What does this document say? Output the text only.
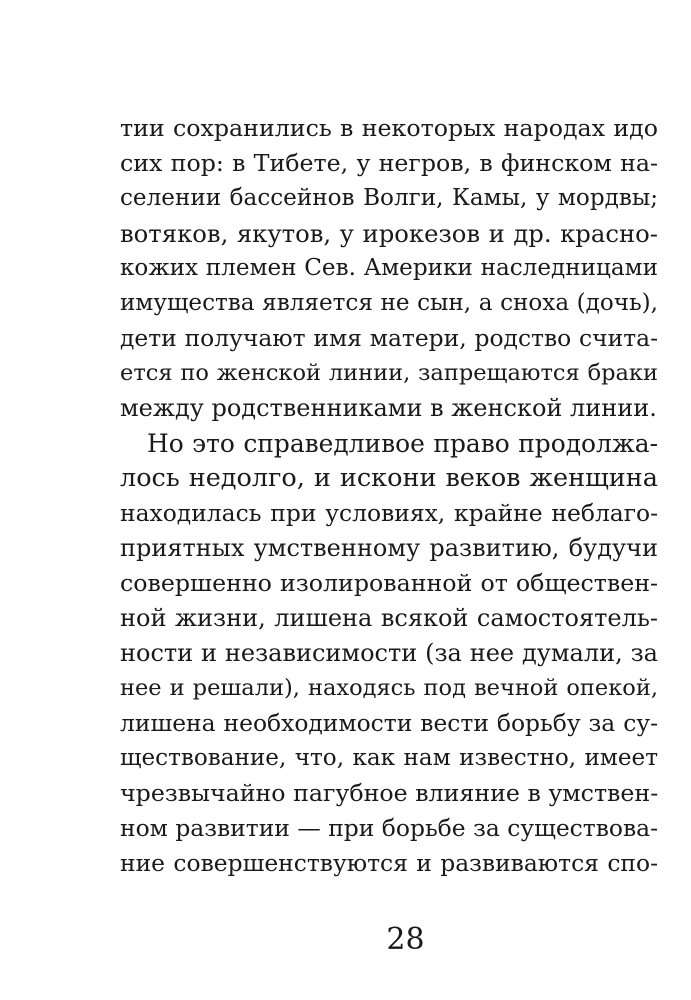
тии сохранились в некоторых народах идо
сих пор: в Тибете, у негров, в финском на-
селении бассейнов Волги, Камы, у мордвы;
вотяков, якутов, у ирокезов и др. красно-
кожих племен Сев. Америки наследницами
имущества является не сын, а сноха (дочь),
дети получают имя матери, родство счита-
ется по женской линии, запрещаются браки
между родственниками в женской линии.
Но это справедливое право продолжа-
лось недолго, и искони веков женщина
находилась при условиях, крайне неблаго-
приятных умственному развитию, будучи
совершенно изолированной от обществен-
ной жизни, лишена всякой самостоятель-
ности и независимости (за нее думали, за
нее и решали), находясь под вечной опекой,
лишена необходимости вести борьбу за су-
ществование, что, как нам известно, имеет
чрезвычайно пагубное влияние в умствен-
ном развитии — при борьбе за существова-
ние совершенствуются и развиваются спо-
28
